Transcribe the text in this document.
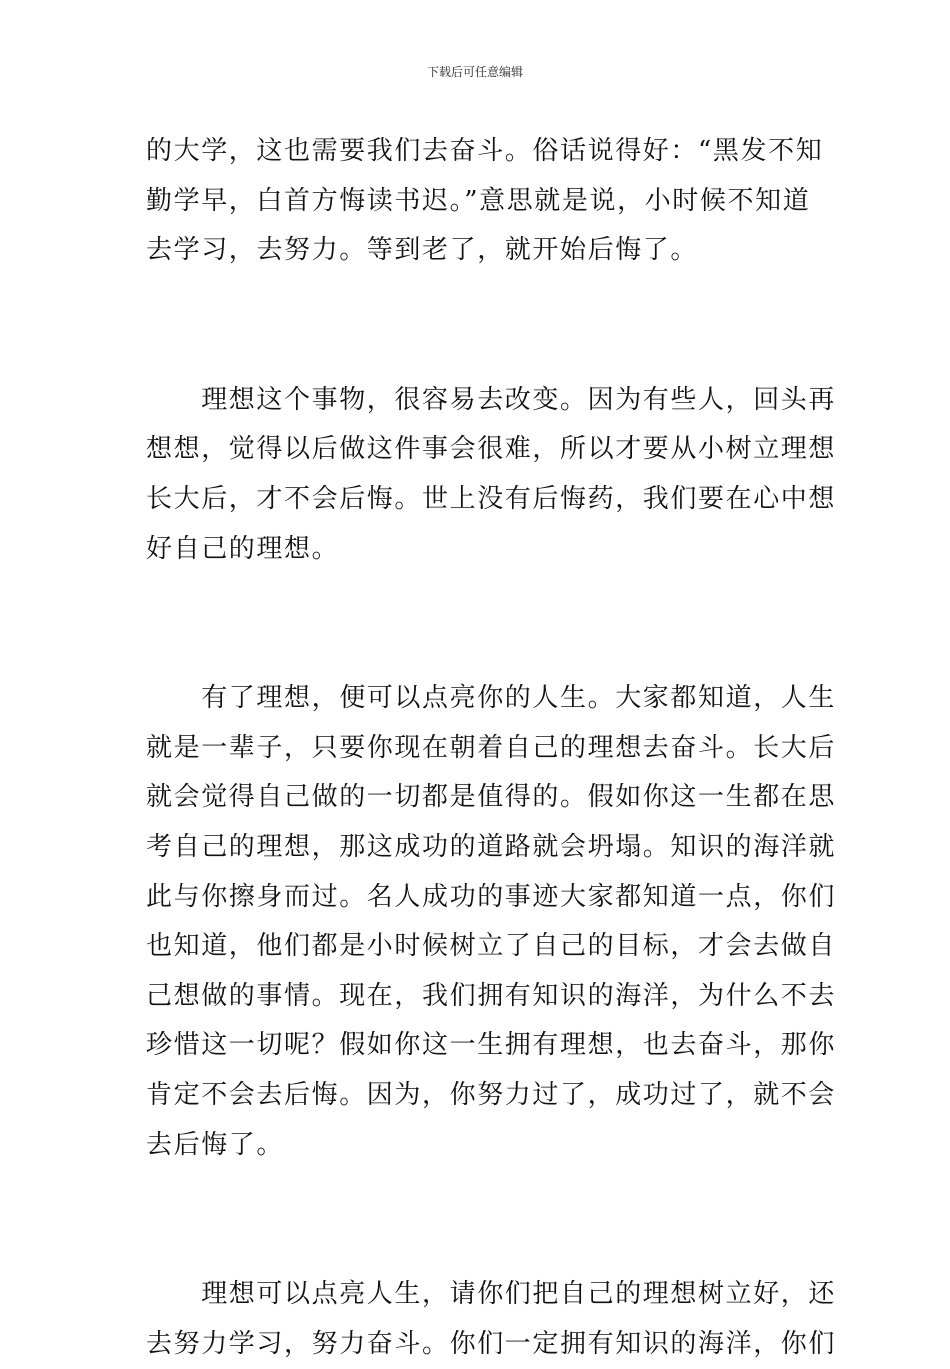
下载后可任意编辑

的大学，这也需要我们去奋斗。俗话说得好：“黑发不知
勤学早，白首方悔读书迟。”意思就是说，小时候不知道
去学习，去努力。等到老了，就开始后悔了。

　　理想这个事物，很容易去改变。因为有些人，回头再
想想，觉得以后做这件事会很难，所以才要从小树立理想
长大后，才不会后悔。世上没有后悔药，我们要在心中想
好自己的理想。

　　有了理想，便可以点亮你的人生。大家都知道，人生
就是一辈子，只要你现在朝着自己的理想去奋斗。长大后
就会觉得自己做的一切都是值得的。假如你这一生都在思
考自己的理想，那这成功的道路就会坍塌。知识的海洋就
此与你擦身而过。名人成功的事迹大家都知道一点，你们
也知道，他们都是小时候树立了自己的目标，才会去做自
己想做的事情。现在，我们拥有知识的海洋，为什么不去
珍惜这一切呢？假如你这一生拥有理想，也去奋斗，那你
肯定不会去后悔。因为，你努力过了，成功过了，就不会
去后悔了。

　　理想可以点亮人生，请你们把自己的理想树立好，还
去努力学习，努力奋斗。你们一定拥有知识的海洋，你们
